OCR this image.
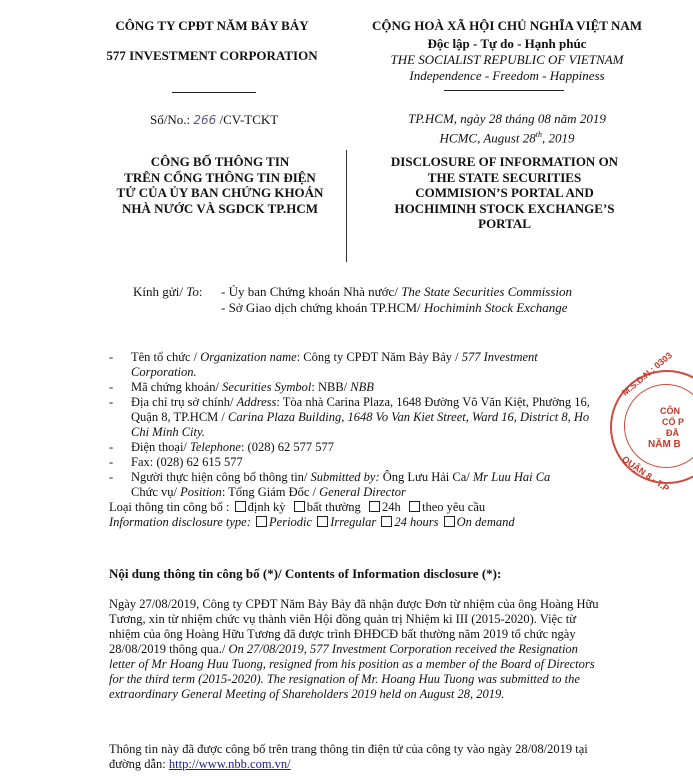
CÔNG TY CPĐT NĂM BẢY BẢY
577 INVESTMENT CORPORATION
CỘNG HOÀ XÃ HỘI CHỦ NGHĨA VIỆT NAM
Độc lập - Tự do - Hạnh phúc
THE SOCIALIST REPUBLIC OF VIETNAM
Independence - Freedom - Happiness
Số/No.: 266 /CV-TCKT	TP.HCM, ngày 28 tháng 08 năm 2019
HCMC, August 28th, 2019
CÔNG BỐ THÔNG TIN
TRÊN CỔNG THÔNG TIN ĐIỆN
TỬ CỦA ỦY BAN CHỨNG KHOÁN
NHÀ NƯỚC VÀ SGDCK TP.HCM
DISCLOSURE OF INFORMATION ON
THE STATE SECURITIES
COMMISION’S PORTAL AND
HOCHIMINH STOCK EXCHANGE’S
PORTAL
Kính gửi/ To: - Ủy ban Chứng khoán Nhà nước/ The State Securities Commission
- Sở Giao dịch chứng khoán TP.HCM/ Hochiminh Stock Exchange
- Tên tổ chức / Organization name: Công ty CPĐT Năm Bảy Bảy / 577 Investment Corporation.
- Mã chứng khoán/ Securities Symbol: NBB/ NBB
- Địa chỉ trụ sở chính/ Address: Tòa nhà Carina Plaza, 1648 Đường Võ Văn Kiệt, Phường 16, Quận 8, TP.HCM / Carina Plaza Building, 1648 Vo Van Kiet Street, Ward 16, District 8, Ho Chi Minh City.
- Điện thoại/ Telephone: (028) 62 577 577
- Fax: (028) 62 615 577
- Người thực hiện công bố thông tin/ Submitted by: Ông Lưu Hải Ca/ Mr Luu Hai Ca
Chức vụ/ Position: Tổng Giám Đốc / General Director
Loại thông tin công bố : định kỳ bất thường 24h theo yêu cầu
Information disclosure type: Periodic Irregular 24 hours On demand
Nội dung thông tin công bố (*)/ Contents of Information disclosure (*):
Ngày 27/08/2019, Công ty CPĐT Năm Bảy Bảy đã nhận được Đơn từ nhiệm của ông Hoàng Hữu Tương, xin từ nhiệm chức vụ thành viên Hội đồng quản trị Nhiệm kì III (2015-2020). Việc từ nhiệm của ông Hoàng Hữu Tương đã được trình ĐHĐCĐ bất thường năm 2019 tổ chức ngày 28/08/2019 thông qua./ On 27/08/2019, 577 Investment Corporation received the Resignation letter of Mr Hoang Huu Tuong, resigned from his position as a member of the Board of Directors for the third term (2015-2020). The resignation of Mr. Hoang Huu Tuong was submitted to the extraordinary General Meeting of Shareholders 2019 held on August 28, 2019.
Thông tin này đã được công bố trên trang thông tin điện tử của công ty vào ngày 28/08/2019 tại đường dẫn: http://www.nbb.com.vn/
M.S.D.N.: 0303
CÔN
CỔ P
ĐẦ
NĂM B
QUẬN 8 - T.P
